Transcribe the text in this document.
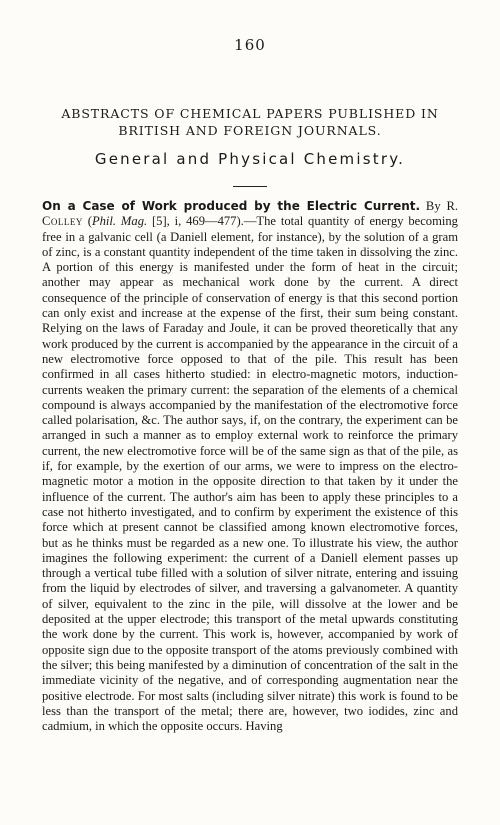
160
ABSTRACTS OF CHEMICAL PAPERS PUBLISHED IN
BRITISH AND FOREIGN JOURNALS.
General and Physical Chemistry.
On a Case of Work produced by the Electric Current. By R. Colley (Phil. Mag. [5], i, 469—477).—The total quantity of energy becoming free in a galvanic cell (a Daniell element, for instance), by the solution of a gram of zinc, is a constant quantity independent of the time taken in dissolving the zinc. A portion of this energy is manifested under the form of heat in the circuit; another may appear as mechanical work done by the current. A direct consequence of the principle of conservation of energy is that this second portion can only exist and increase at the expense of the first, their sum being constant. Relying on the laws of Faraday and Joule, it can be proved theoretically that any work produced by the current is accompanied by the appearance in the circuit of a new electromotive force opposed to that of the pile. This result has been confirmed in all cases hitherto studied: in electro-magnetic motors, induction-currents weaken the primary current: the separation of the elements of a chemical compound is always accompanied by the manifestation of the electromotive force called polarisation, &c. The author says, if, on the contrary, the experiment can be arranged in such a manner as to employ external work to reinforce the primary current, the new electromotive force will be of the same sign as that of the pile, as if, for example, by the exertion of our arms, we were to impress on the electro-magnetic motor a motion in the opposite direction to that taken by it under the influence of the current. The author's aim has been to apply these principles to a case not hitherto investigated, and to confirm by experiment the existence of this force which at present cannot be classified among known electromotive forces, but as he thinks must be regarded as a new one. To illustrate his view, the author imagines the following experiment: the current of a Daniell element passes up through a vertical tube filled with a solution of silver nitrate, entering and issuing from the liquid by electrodes of silver, and traversing a galvanometer. A quantity of silver, equivalent to the zinc in the pile, will dissolve at the lower and be deposited at the upper electrode; this transport of the metal upwards constituting the work done by the current. This work is, however, accompanied by work of opposite sign due to the opposite transport of the atoms previously combined with the silver; this being manifested by a diminution of concentration of the salt in the immediate vicinity of the negative, and of corresponding augmentation near the positive electrode. For most salts (including silver nitrate) this work is found to be less than the transport of the metal; there are, however, two iodides, zinc and cadmium, in which the opposite occurs. Having
